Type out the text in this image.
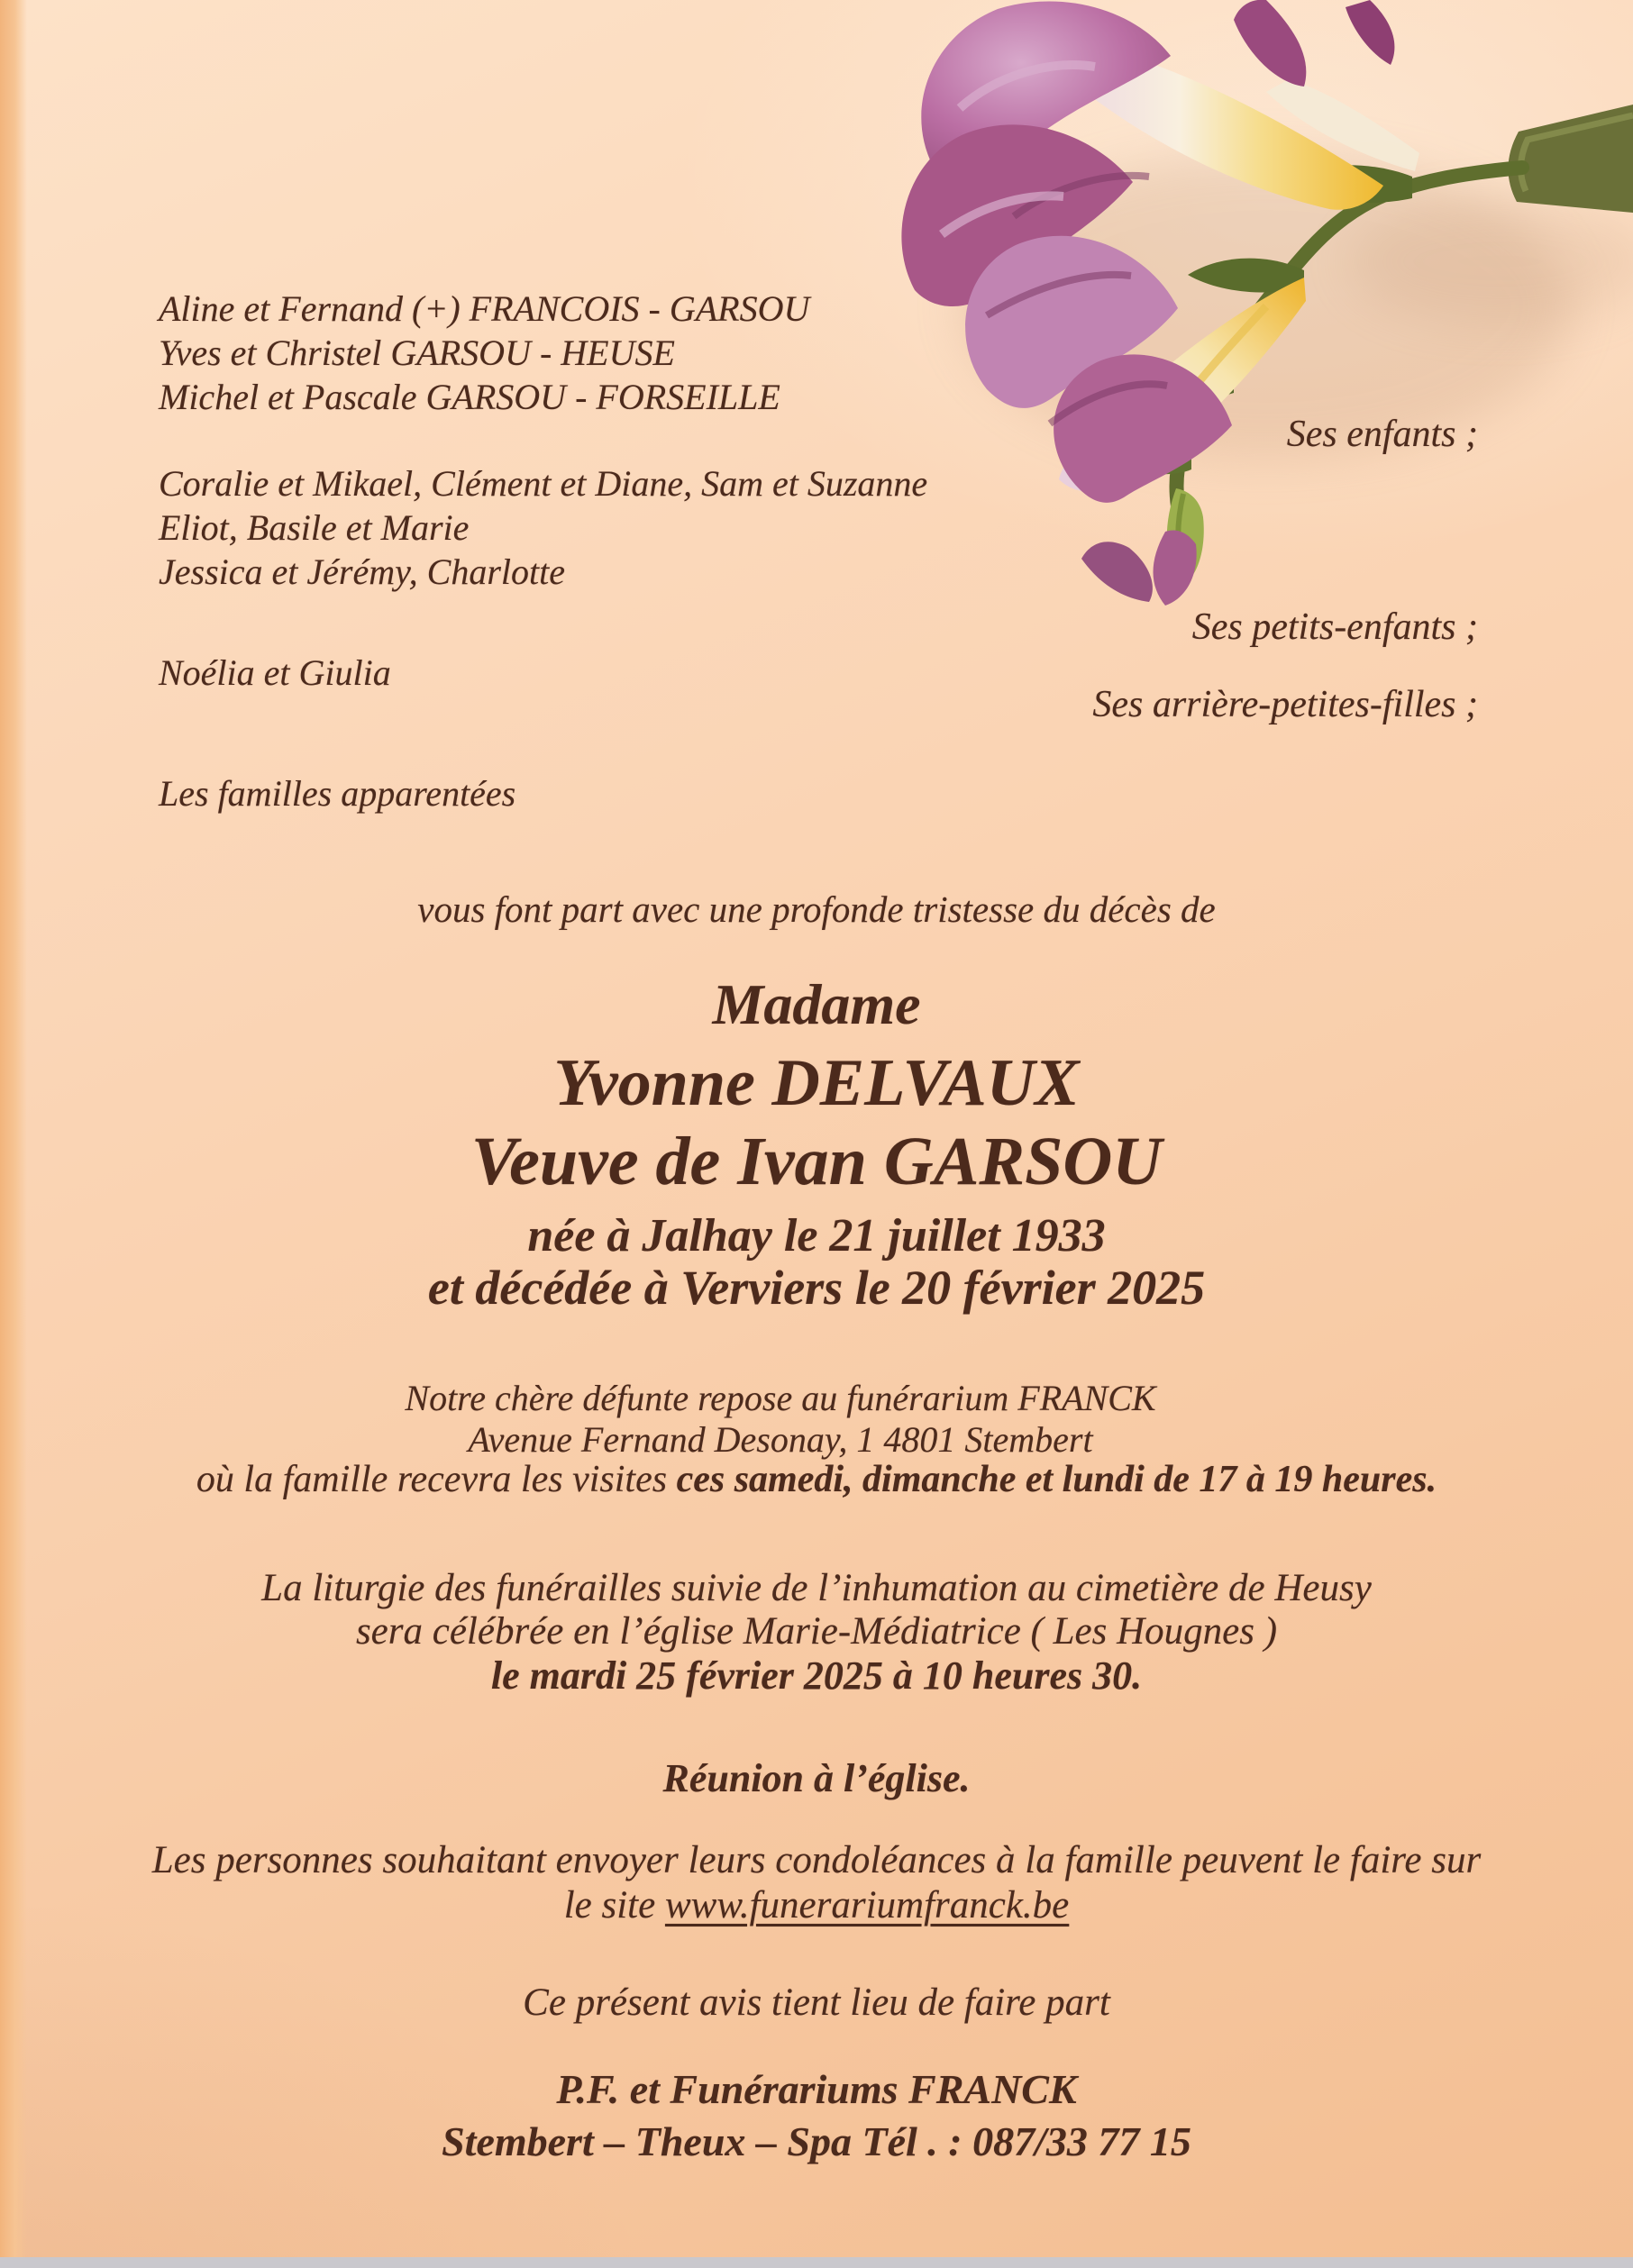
Aline et Fernand (+) FRANCOIS - GARSOU
Yves et Christel GARSOU - HEUSE
Michel et Pascale GARSOU - FORSEILLE
Ses enfants ;
Coralie et Mikael, Clément et Diane, Sam et Suzanne
Eliot, Basile et Marie
Jessica et Jérémy, Charlotte
Ses petits-enfants ;
Noélia et Giulia
Ses arrière-petites-filles ;
Les familles apparentées
vous font part avec une profonde tristesse du décès de
Madame
Yvonne DELVAUX
Veuve de Ivan GARSOU
née à Jalhay le 21 juillet 1933
et décédée à Verviers le 20 février 2025
Notre chère défunte repose au funérarium FRANCK
Avenue Fernand Desonay, 1 4801 Stembert
où la famille recevra les visites ces samedi, dimanche et lundi de 17 à 19 heures.
La liturgie des funérailles suivie de l’inhumation au cimetière de Heusy
sera célébrée en l’église Marie-Médiatrice ( Les Hougnes )
le mardi 25 février 2025 à 10 heures 30.
Réunion à l’église.
Les personnes souhaitant envoyer leurs condoléances à la famille peuvent le faire sur
le site www.funerariumfranck.be
Ce présent avis tient lieu de faire part
P.F. et Funérariums FRANCK
Stembert – Theux – Spa Tél . : 087/33 77 15
